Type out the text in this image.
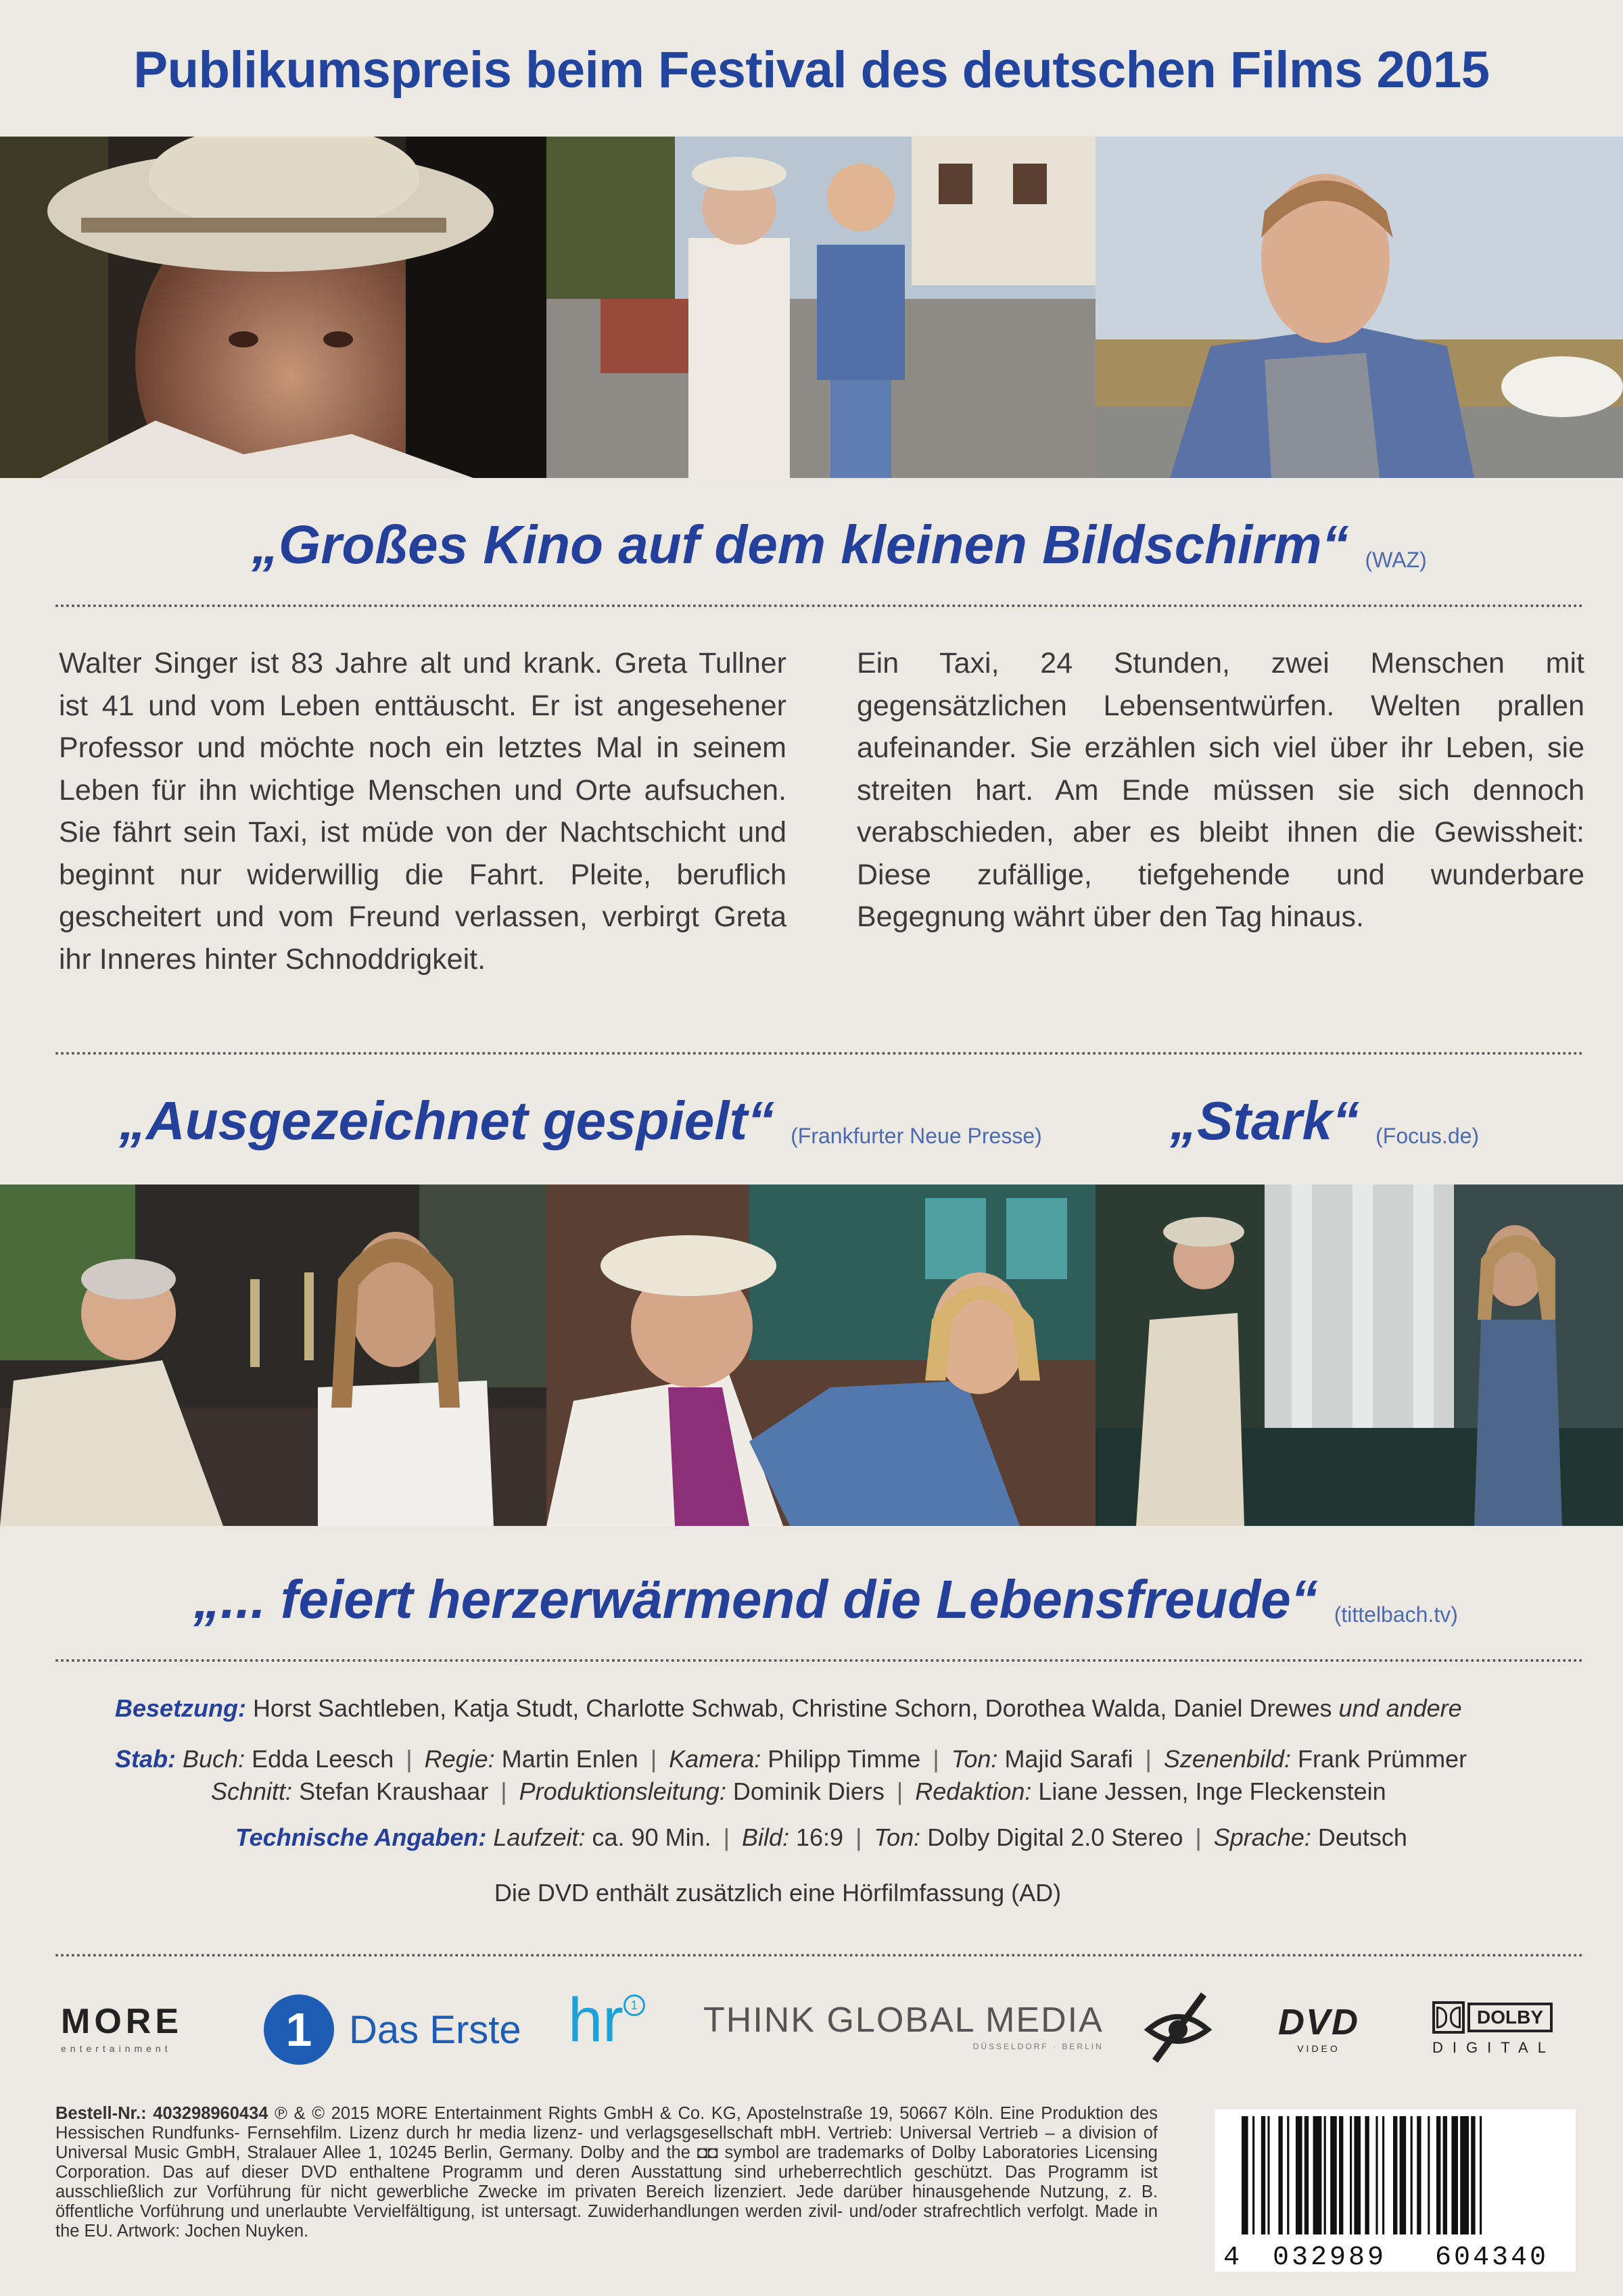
Publikumspreis beim Festival des deutschen Films 2015
„Großes Kino auf dem kleinen Bildschirm“ (WAZ)
Walter Singer ist 83 Jahre alt und krank. Greta Tullner ist 41 und vom Leben enttäuscht. Er ist angesehener Professor und möchte noch ein letztes Mal in seinem Leben für ihn wichtige Menschen und Orte aufsuchen. Sie fährt sein Taxi, ist müde von der Nachtschicht und beginnt nur widerwillig die Fahrt. Pleite, beruflich gescheitert und vom Freund verlassen, verbirgt Greta ihr Inneres hinter Schnoddrigkeit.
Ein Taxi, 24 Stunden, zwei Menschen mit gegensätzlichen Lebensentwürfen. Welten prallen aufeinander. Sie erzählen sich viel über ihr Leben, sie streiten hart. Am Ende müssen sie sich dennoch verabschieden, aber es bleibt ihnen die Gewissheit: Diese zufällige, tiefgehende und wunderbare Begegnung währt über den Tag hinaus.
„Ausgezeichnet gespielt“ (Frankfurter Neue Presse) „Stark“ (Focus.de)
„... feiert herzerwärmend die Lebensfreude“ (tittelbach.tv)
Besetzung: Horst Sachtleben, Katja Studt, Charlotte Schwab, Christine Schorn, Dorothea Walda, Daniel Drewes und andere
Stab: Buch: Edda Leesch | Regie: Martin Enlen | Kamera: Philipp Timme | Ton: Majid Sarafi | Szenenbild: Frank Prümmer
Schnitt: Stefan Kraushaar | Produktionsleitung: Dominik Diers | Redaktion: Liane Jessen, Inge Fleckenstein
Technische Angaben: Laufzeit: ca. 90 Min. | Bild: 16:9 | Ton: Dolby Digital 2.0 Stereo | Sprache: Deutsch
Die DVD enthält zusätzlich eine Hörfilmfassung (AD)
MORE
entertainment	1 Das Erste hr 1 THINK GLOBAL MEDIA
DÜSSELDORF · BERLIN
DVD
VIDEO
DOLBY
DIGITAL
Bestell-Nr.: 403298960434 ℗ & © 2015 MORE Entertainment Rights GmbH & Co. KG, Apostelnstraße 19, 50667 Köln. Eine Produktion des Hessischen Rundfunks- Fernsehfilm. Lizenz durch hr media lizenz- und verlagsgesellschaft mbH. Vertrieb: Universal Vertrieb – a division of Universal Music GmbH, Stralauer Allee 1, 10245 Berlin, Germany. Dolby and the ◘◘ symbol are trademarks of Dolby Laboratories Licensing Corporation. Das auf dieser DVD enthaltene Programm und deren Ausstattung sind urheberrechtlich geschützt. Das Programm ist ausschließlich zur Vorführung für nicht gewerbliche Zwecke im privaten Bereich lizenziert. Jede darüber hinausgehende Nutzung, z. B. öffentliche Vorführung und unerlaubte Vervielfältigung, ist untersagt. Zuwiderhandlungen werden zivil- und/oder strafrechtlich verfolgt. Made in the EU. Artwork: Jochen Nuyken.
4	032989	604340
